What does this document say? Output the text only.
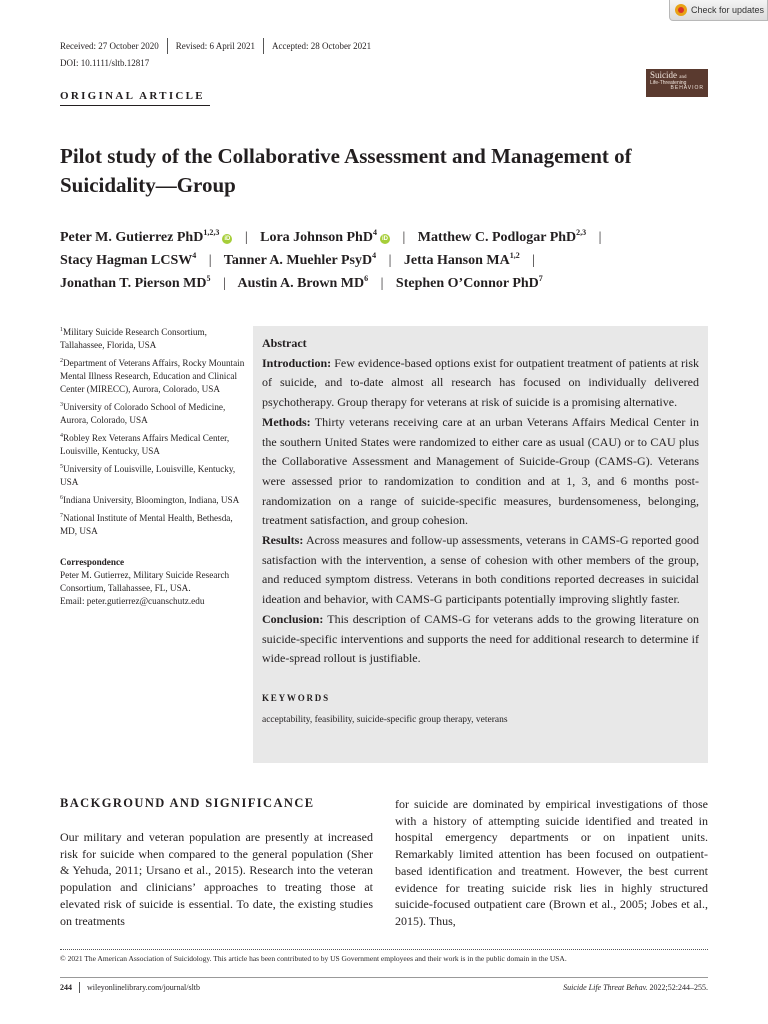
Check for updates
Received: 27 October 2020 Revised: 6 April 2021 Accepted: 28 October 2021
DOI: 10.1111/sltb.12817
Suicide and
Life-Threatening
BEHAVIOR
ORIGINAL ARTICLE
Pilot study of the Collaborative Assessment and Management of Suicidality—Group
Peter M. Gutierrez PhD$^{1,2,3}$iD | Lora Johnson PhD$^4$iD | Matthew C. Podlogar PhD$^{2,3}$ |
Stacy Hagman LCSW$^4$ | Tanner A. Muehler PsyD$^4$ | Jetta Hanson MA$^{1,2}$ |
Jonathan T. Pierson $MD^5$ | Austin A. Brown $MD^6$ | Stephen O’Connor PhD$^7$
$^1$Military Suicide Research Consortium, Tallahassee, Florida, USA
$^2$Department of Veterans Affairs, Rocky Mountain Mental Illness Research, Education and Clinical Center (MIRECC), Aurora, Colorado, USA
$^3$University of Colorado School of Medicine, Aurora, Colorado, USA
$^4$Robley Rex Veterans Affairs Medical Center, Louisville, Kentucky, USA
$^5$University of Louisville, Louisville, Kentucky, USA
$^6$Indiana University, Bloomington, Indiana, USA
$^7$National Institute of Mental Health, Bethesda, MD, USA
Correspondence
Peter M. Gutierrez, Military Suicide Research Consortium, Tallahassee, FL, USA.
Email: peter.gutierrez@cuanschutz.edu
Abstract
Introduction: Few evidence-based options exist for outpatient treatment of patients at risk of suicide, and to-date almost all research has focused on individually delivered psychotherapy. Group therapy for veterans at risk of suicide is a promising alternative.
Methods: Thirty veterans receiving care at an urban Veterans Affairs Medical Center in the southern United States were randomized to either care as usual (CAU) or to CAU plus the Collaborative Assessment and Management of Suicide-Group (CAMS-G). Veterans were assessed prior to randomization to condition and at 1, 3, and 6 months post-randomization on a range of suicide-specific measures, burdensomeness, belonging, treatment satisfaction, and group cohesion.
Results: Across measures and follow-up assessments, veterans in CAMS-G reported good satisfaction with the intervention, a sense of cohesion with other members of the group, and reduced symptom distress. Veterans in both conditions reported decreases in suicidal ideation and behavior, with CAMS-G participants potentially improving slightly faster.
Conclusion: This description of CAMS-G for veterans adds to the growing literature on suicide-specific interventions and supports the need for additional research to determine if wide-spread rollout is justifiable.
KEYWORDS
acceptability, feasibility, suicide-specific group therapy, veterans
BACKGROUND AND SIGNIFICANCE

Our military and veteran population are presently at increased risk for suicide when compared to the general population (Sher & Yehuda, 2011; Ursano et al., 2015). Research into the veteran population and clinicians’ approaches to treating those at elevated risk of suicide is essential. To date, the existing studies on treatments

for suicide are dominated by empirical investigations of those with a history of attempting suicide identified and treated in hospital emergency departments or on inpatient units. Remarkably limited attention has been focused on outpatient-based identification and treatment. However, the best current evidence for treating suicide risk lies in highly structured suicide-focused outpatient care (Brown et al., 2005; Jobes et al., 2015). Thus,

© 2021 The American Association of Suicidology. This article has been contributed to by US Government employees and their work is in the public domain in the USA.
244 wileyonlinelibrary.com/journal/sltb	Suicide Life Threat Behav. 2022;52:244–255.
